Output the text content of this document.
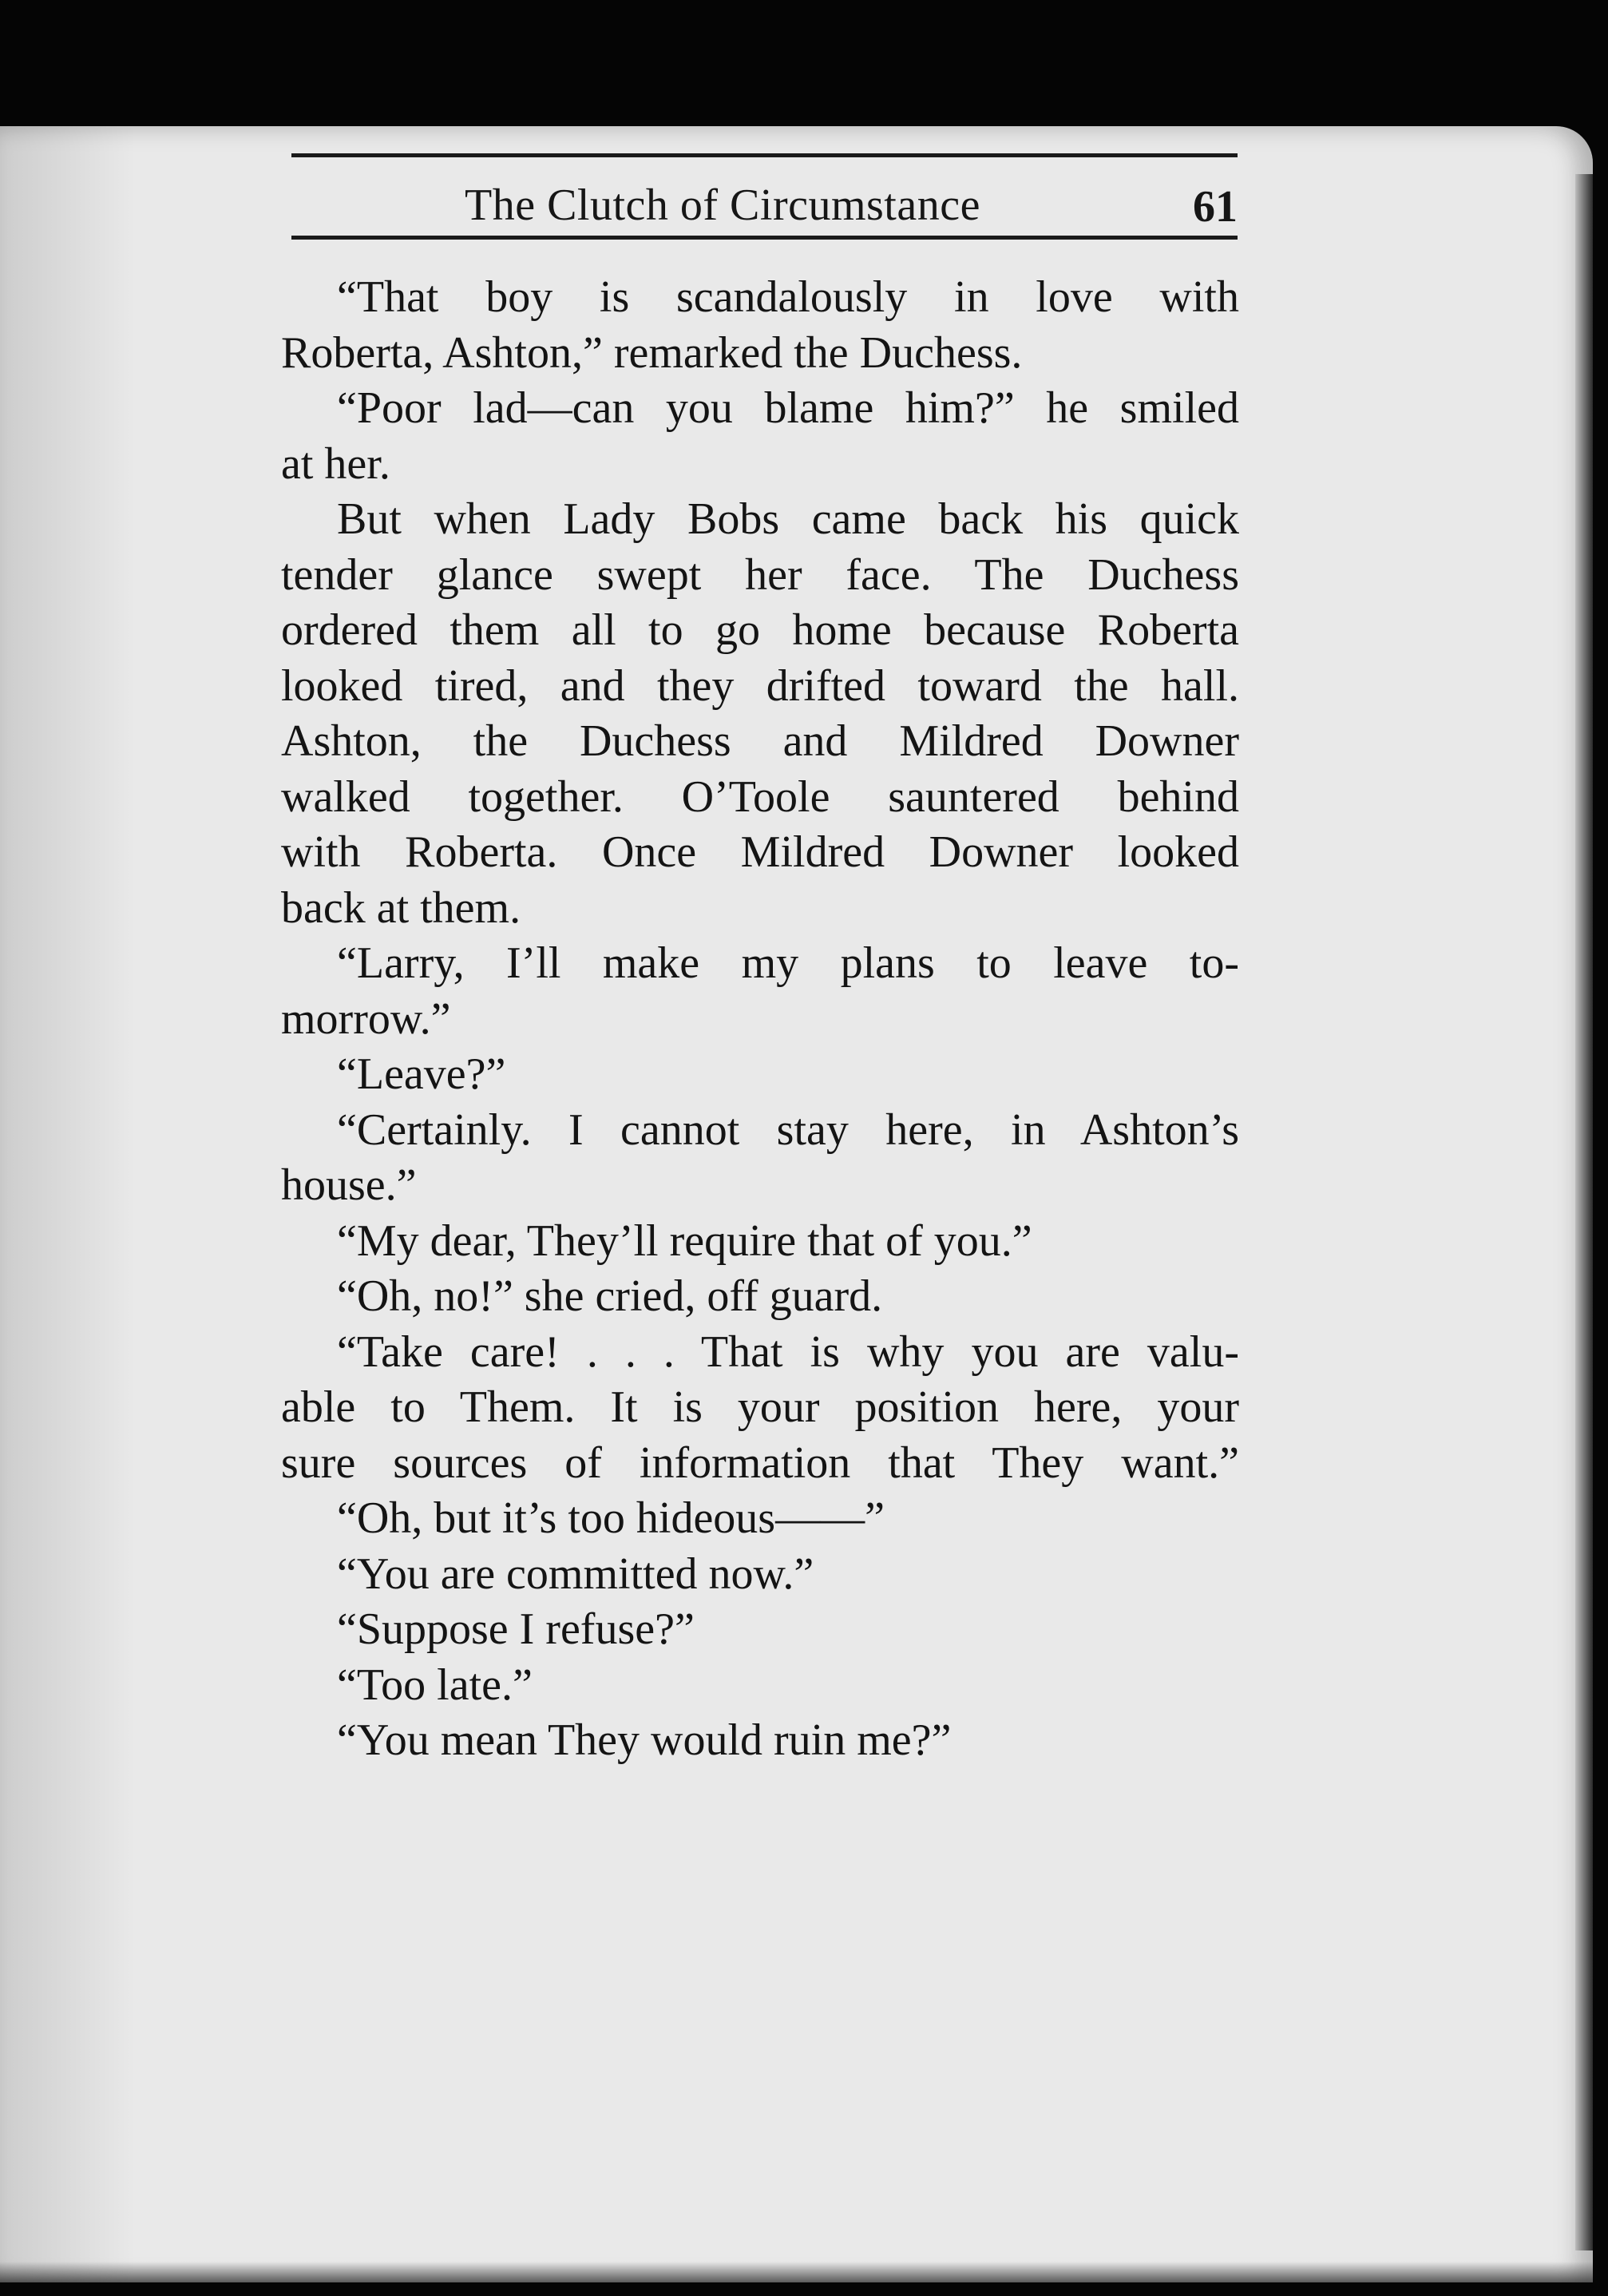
The Clutch of Circumstance	61
“That boy is scandalously in love with
Roberta, Ashton,” remarked the Duchess.
“Poor lad—can you blame him?” he smiled
at her.
But when Lady Bobs came back his quick
tender glance swept her face. The Duchess
ordered them all to go home because Roberta
looked tired, and they drifted toward the hall.
Ashton, the Duchess and Mildred Downer
walked together. O’Toole sauntered behind
with Roberta. Once Mildred Downer looked
back at them.
“Larry, I’ll make my plans to leave to-
morrow.”
“Leave?”
“Certainly. I cannot stay here, in Ashton’s
house.”
“My dear, They’ll require that of you.”
“Oh, no!” she cried, off guard.
“Take care! . . . That is why you are valu-
able to Them. It is your position here, your
sure sources of information that They want.”
“Oh, but it’s too hideous——”
“You are committed now.”
“Suppose I refuse?”
“Too late.”
“You mean They would ruin me?”
